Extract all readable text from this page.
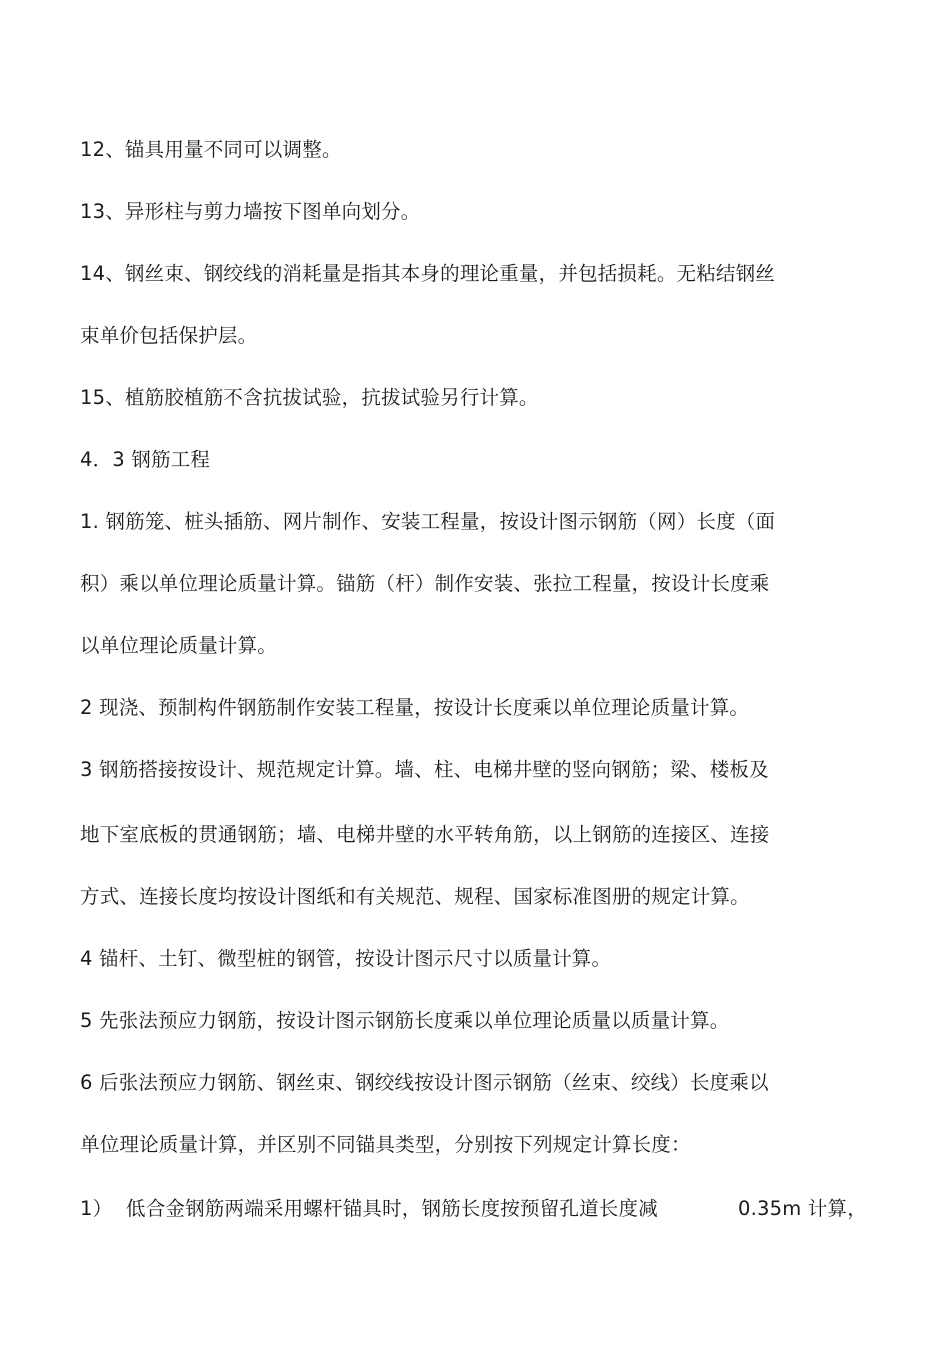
12、锚具用量不同可以调整。
13、异形柱与剪力墙按下图单向划分。
14、钢丝束、钢绞线的消耗量是指其本身的理论重量，并包括损耗。无粘结钢丝
束单价包括保护层。
15、植筋胶植筋不含抗拔试验，抗拔试验另行计算。
4．3 钢筋工程
1. 钢筋笼、桩头插筋、网片制作、安装工程量，按设计图示钢筋（网）长度（面
积）乘以单位理论质量计算。锚筋（杆）制作安装、张拉工程量，按设计长度乘
以单位理论质量计算。
2 现浇、预制构件钢筋制作安装工程量，按设计长度乘以单位理论质量计算。
3 钢筋搭接按设计、规范规定计算。墙、柱、电梯井壁的竖向钢筋；梁、楼板及
地下室底板的贯通钢筋；墙、电梯井壁的水平转角筋，以上钢筋的连接区、连接
方式、连接长度均按设计图纸和有关规范、规程、国家标准图册的规定计算。
4 锚杆、土钉、微型桩的钢管，按设计图示尺寸以质量计算。
5 先张法预应力钢筋，按设计图示钢筋长度乘以单位理论质量以质量计算。
6 后张法预应力钢筋、钢丝束、钢绞线按设计图示钢筋（丝束、绞线）长度乘以
单位理论质量计算，并区别不同锚具类型，分别按下列规定计算长度：
1） 低合金钢筋两端采用螺杆锚具时，钢筋长度按预留孔道长度减	0.35m 计算，
